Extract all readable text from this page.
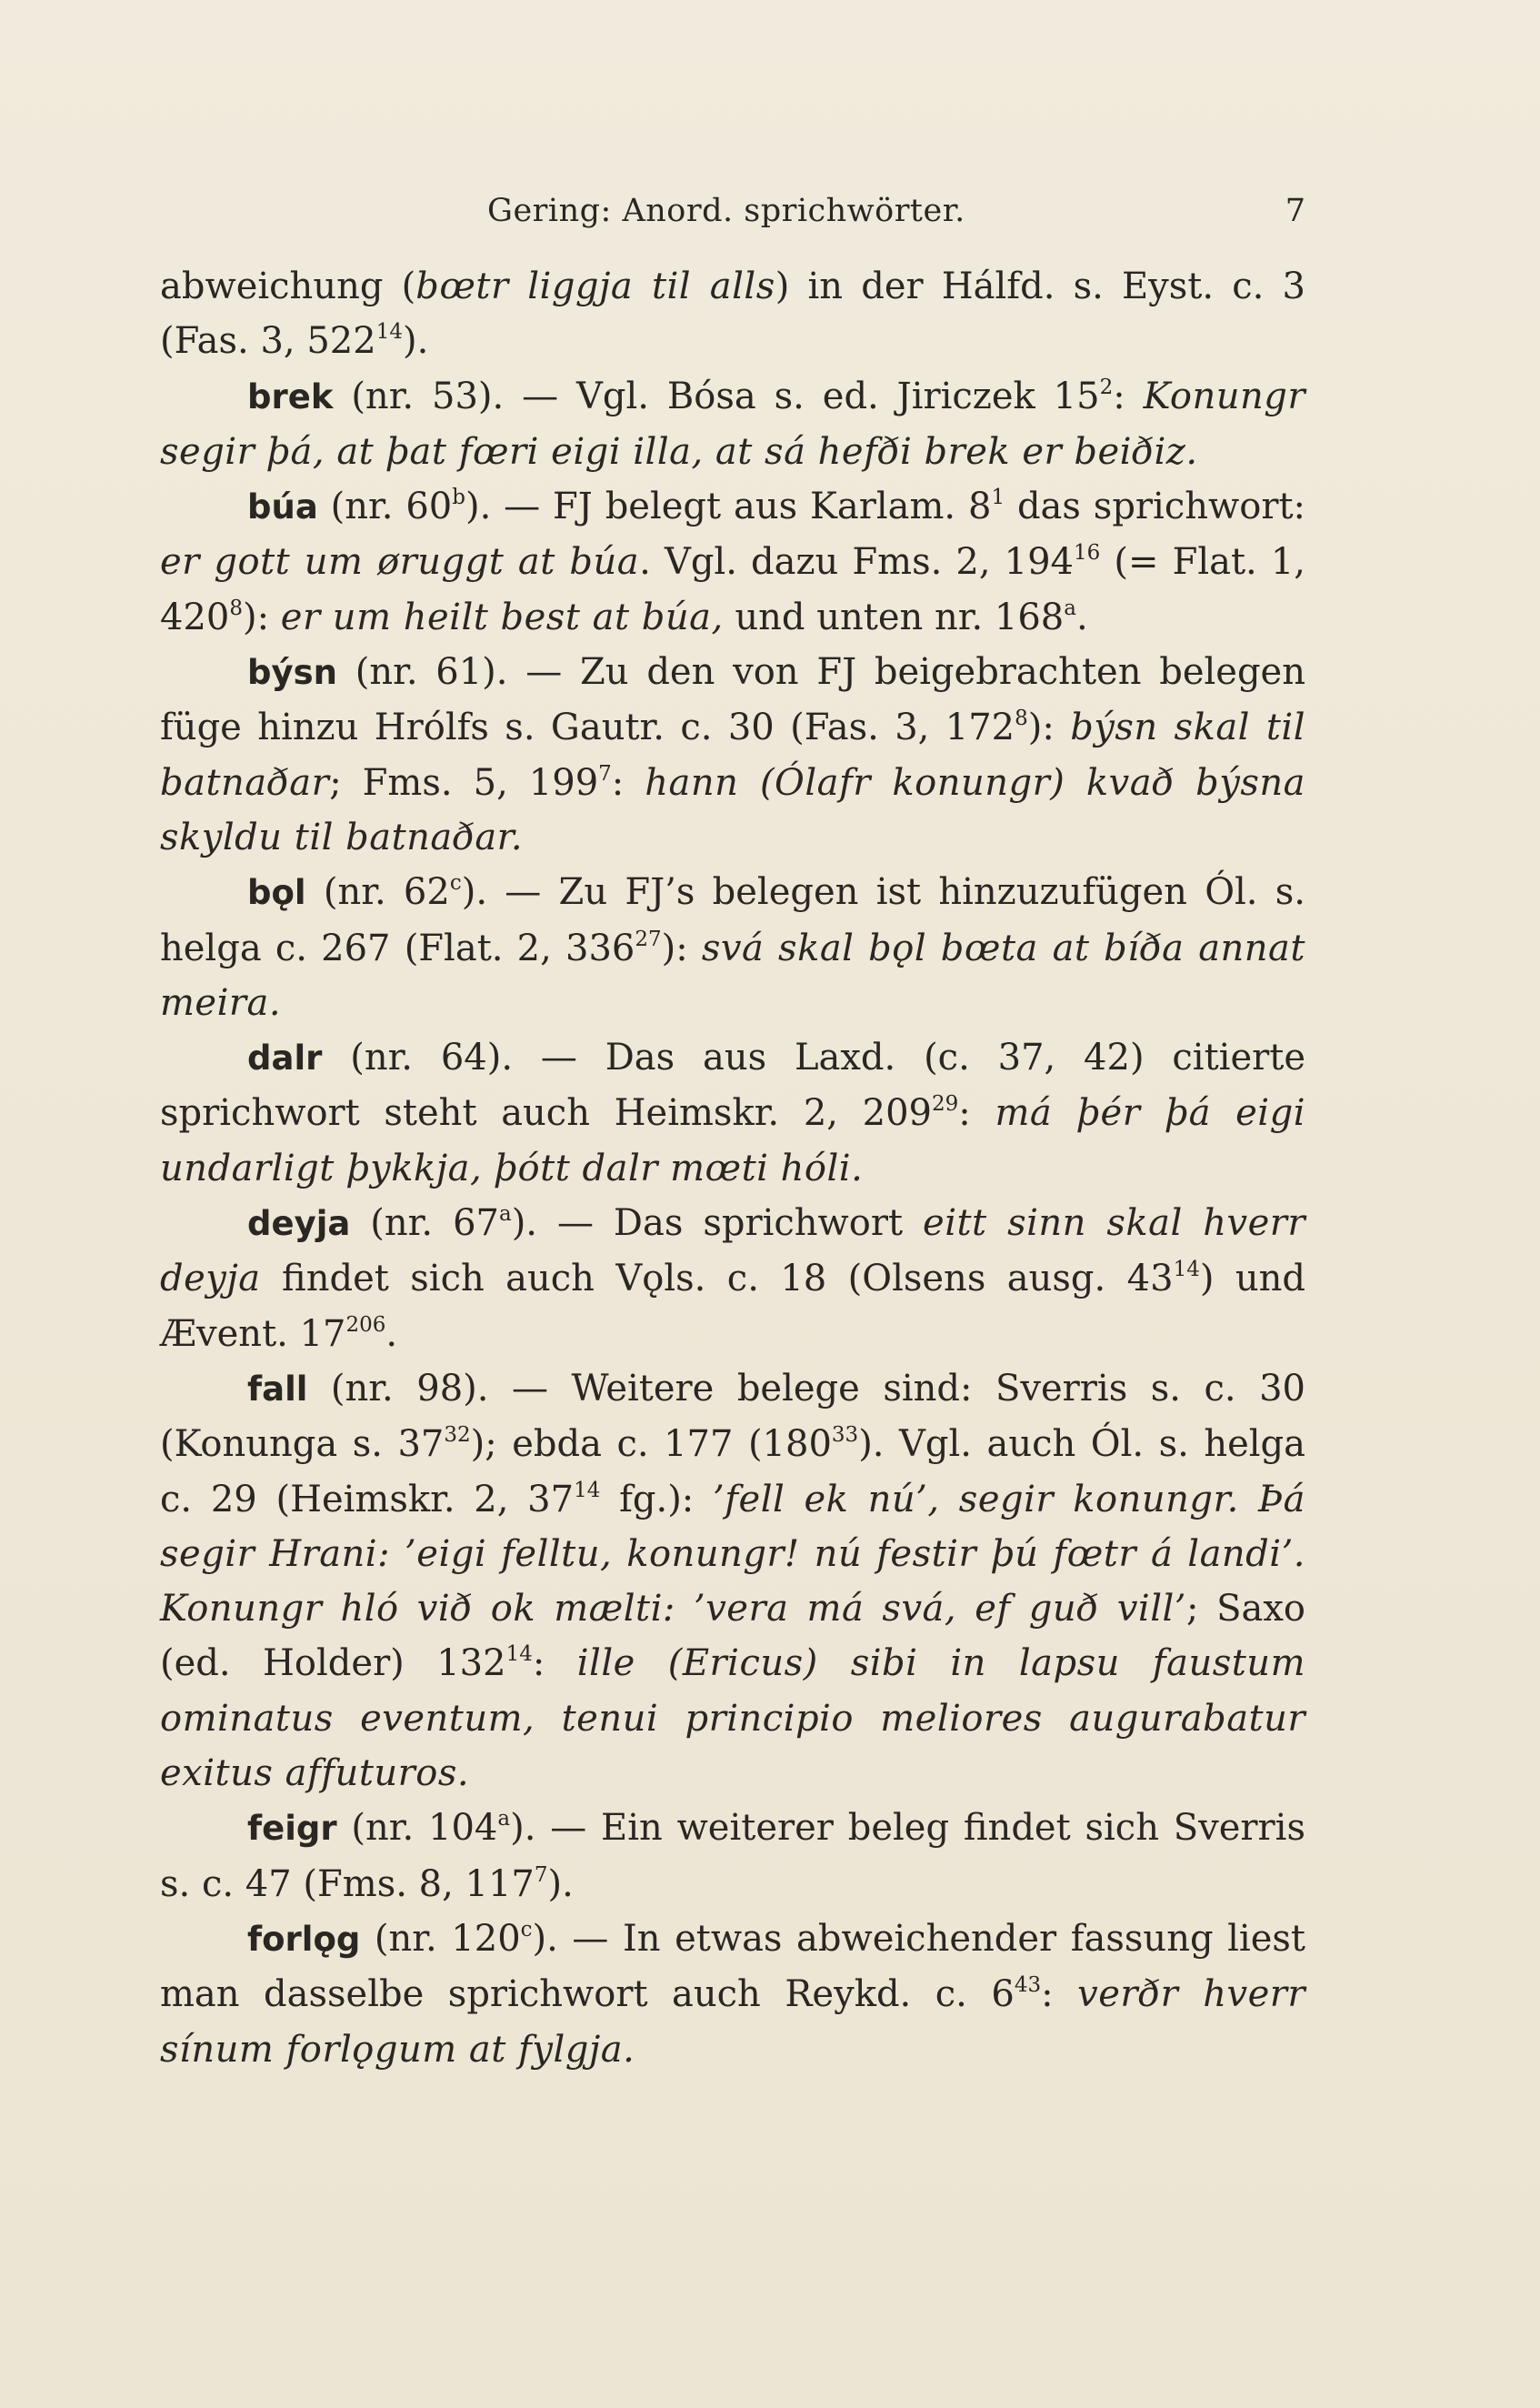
Gering: Anord. sprichwörter.	7

abweichung (bœtr liggja til alls) in der Hálfd. s. Eyst. c. 3 (Fas. 3, $522^{14}$).

brek (nr. 53). — Vgl. Bósa s. ed. Jiriczek $15^2$: Konungr segir þá, at þat fœri eigi illa, at sá hefði brek er beiðiz.

búa (nr. 60$^b$). — FJ belegt aus Karlam. $8^1$ das sprichwort: er gott um øruggt at búa. Vgl. dazu Fms. 2, $194^{16}$ (= Flat. 1, $420^8$): er um heilt best at búa, und unten nr. 168$^a$.

býsn (nr. 61). — Zu den von FJ beigebrachten belegen füge hinzu Hrólfs s. Gautr. c. 30 (Fas. 3, $172^8$): býsn skal til batnaðar; Fms. 5, $199^7$: hann (Ólafr konungr) kvað býsna skyldu til batnaðar.

bǫl (nr. 62$^c$). — Zu FJ’s belegen ist hinzuzufügen Ól. s. helga c. 267 (Flat. 2, $336^{27}$): svá skal bǫl bœta at bíða annat meira.

dalr (nr. 64). — Das aus Laxd. (c. 37, 42) citierte sprichwort steht auch Heimskr. 2, $209^{29}$: má þér þá eigi undarligt þykkja, þótt dalr mœti hóli.

deyja (nr. 67$^a$). — Das sprichwort eitt sinn skal hverr deyja findet sich auch Vǫls. c. 18 (Olsens ausg. $43^{14}$) und Ævent. $17^{206}$.

fall (nr. 98). — Weitere belege sind: Sverris s. c. 30 (Konunga s. $37^{32}$); ebda c. 177 $(180^{33})$. Vgl. auch Ól. s. helga c. 29 (Heimskr. 2, $37^{14}$ fg.): ’fell ek nú’, segir konungr. Þá segir Hrani: ’eigi felltu, konungr! nú festir þú fœtr á landi’. Konungr hló við ok mælti: ’vera má svá, ef guð vill’; Saxo (ed. Holder) $132^{14}$: ille (Ericus) sibi in lapsu faustum ominatus eventum, tenui principio meliores augurabatur exitus affuturos.

feigr (nr. 104$^a$). — Ein weiterer beleg findet sich Sverris s. c. 47 (Fms. 8, $117^7$).

forlǫg (nr. 120$^c$). — In etwas abweichender fassung liest man dasselbe sprichwort auch Reykd. c. $6^{43}$: verðr hverr sínum forlǫgum at fylgja.
